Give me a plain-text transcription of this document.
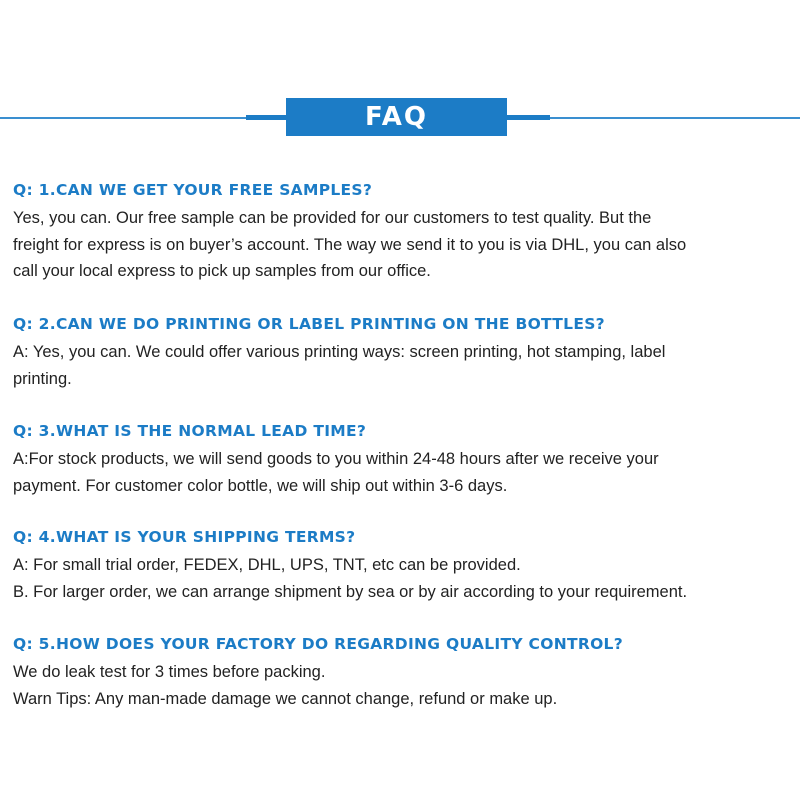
FAQ
Q: 1.CAN WE GET YOUR FREE SAMPLES?

Yes, you can. Our free sample can be provided for our customers to test quality. But the
freight for express is on buyer’s account. The way we send it to you is via DHL, you can also
call your local express to pick up samples from our office.

Q: 2.CAN WE DO PRINTING OR LABEL PRINTING ON THE BOTTLES?

A: Yes, you can. We could offer various printing ways: screen printing, hot stamping, label
printing.

Q: 3.WHAT IS THE NORMAL LEAD TIME?

A:For stock products, we will send goods to you within 24-48 hours after we receive your
payment. For customer color bottle, we will ship out within 3-6 days.

Q: 4.WHAT IS YOUR SHIPPING TERMS?

A: For small trial order, FEDEX, DHL, UPS, TNT, etc can be provided.
B. For larger order, we can arrange shipment by sea or by air according to your requirement.

Q: 5.HOW DOES YOUR FACTORY DO REGARDING QUALITY CONTROL?

We do leak test for 3 times before packing.
Warn Tips: Any man-made damage we cannot change, refund or make up.
